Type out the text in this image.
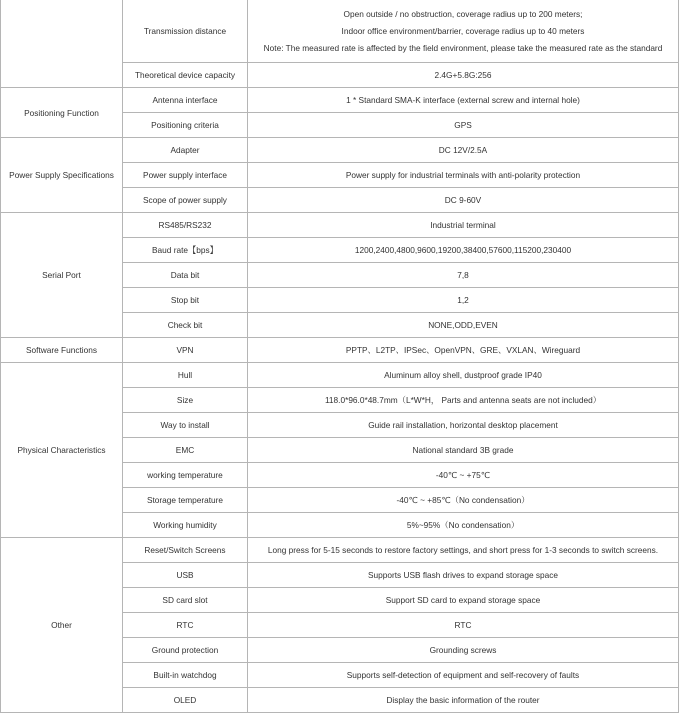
	Transmission distance	Open outside / no obstruction, coverage radius up to 200 meters;
Indoor office environment/barrier, coverage radius up to 40 meters
Note: The measured rate is affected by the field environment, please take the measured rate as the standard

	Theoretical device capacity	2.4G+5.8G:256
Positioning Function	Antenna interface	1 * Standard SMA-K interface (external screw and internal hole)
	Positioning criteria	GPS
Power Supply Specifications	Adapter	DC 12V/2.5A
	Power supply interface	Power supply for industrial terminals with anti-polarity protection
	Scope of power supply	DC 9-60V
Serial Port	RS485/RS232	Industrial terminal
	Baud rate【bps】	1200,2400,4800,9600,19200,38400,57600,115200,230400
	Data bit	7,8
	Stop bit	1,2
	Check bit	NONE,ODD,EVEN
Software Functions	VPN	PPTP、L2TP、IPSec、OpenVPN、GRE、VXLAN、Wireguard
Physical Characteristics	Hull	Aluminum alloy shell, dustproof grade IP40
	Size	118.0*96.0*48.7mm（L*W*H， Parts and antenna seats are not included）
	Way to install	Guide rail installation, horizontal desktop placement
	EMC	National standard 3B grade
	working temperature	-40℃ ~ +75℃
	Storage temperature	-40℃ ~ +85℃（No condensation）
	Working humidity	5%~95%（No condensation）
Other	Reset/Switch Screens	Long press for 5-15 seconds to restore factory settings, and short press for 1-3 seconds to switch screens.
	USB	Supports USB flash drives to expand storage space
	SD card slot	Support SD card to expand storage space
	RTC	RTC
	Ground protection	Grounding screws
	Built-in watchdog	Supports self-detection of equipment and self-recovery of faults
	OLED	Display the basic information of the router
